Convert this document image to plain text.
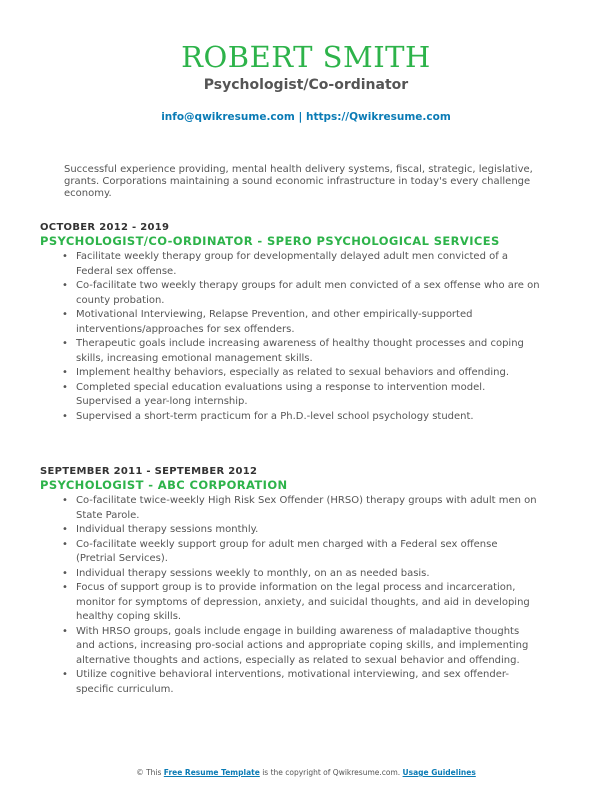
ROBERT SMITH
Psychologist/Co-ordinator
info@qwikresume.com | https://Qwikresume.com
Successful experience providing, mental health delivery systems, fiscal, strategic, legislative, grants. Corporations maintaining a sound economic infrastructure in today's every challenge economy.
OCTOBER 2012 - 2019
PSYCHOLOGIST/CO-ORDINATOR - SPERO PSYCHOLOGICAL SERVICES
• Facilitate weekly therapy group for developmentally delayed adult men convicted of a Federal sex offense.
• Co-facilitate two weekly therapy groups for adult men convicted of a sex offense who are on county probation.
• Motivational Interviewing, Relapse Prevention, and other empirically-supported interventions/approaches for sex offenders.
• Therapeutic goals include increasing awareness of healthy thought processes and coping skills, increasing emotional management skills.
• Implement healthy behaviors, especially as related to sexual behaviors and offending.
• Completed special education evaluations using a response to intervention model. Supervised a year-long internship.
• Supervised a short-term practicum for a Ph.D.-level school psychology student.
SEPTEMBER 2011 - SEPTEMBER 2012
PSYCHOLOGIST - ABC CORPORATION
• Co-facilitate twice-weekly High Risk Sex Offender (HRSO) therapy groups with adult men on State Parole.
• Individual therapy sessions monthly.
• Co-facilitate weekly support group for adult men charged with a Federal sex offense (Pretrial Services).
• Individual therapy sessions weekly to monthly, on an as needed basis.
• Focus of support group is to provide information on the legal process and incarceration, monitor for symptoms of depression, anxiety, and suicidal thoughts, and aid in developing healthy coping skills.
• With HRSO groups, goals include engage in building awareness of maladaptive thoughts and actions, increasing pro-social actions and appropriate coping skills, and implementing alternative thoughts and actions, especially as related to sexual behavior and offending.
• Utilize cognitive behavioral interventions, motivational interviewing, and sex offender-specific curriculum.
© This Free Resume Template is the copyright of Qwikresume.com. Usage Guidelines
